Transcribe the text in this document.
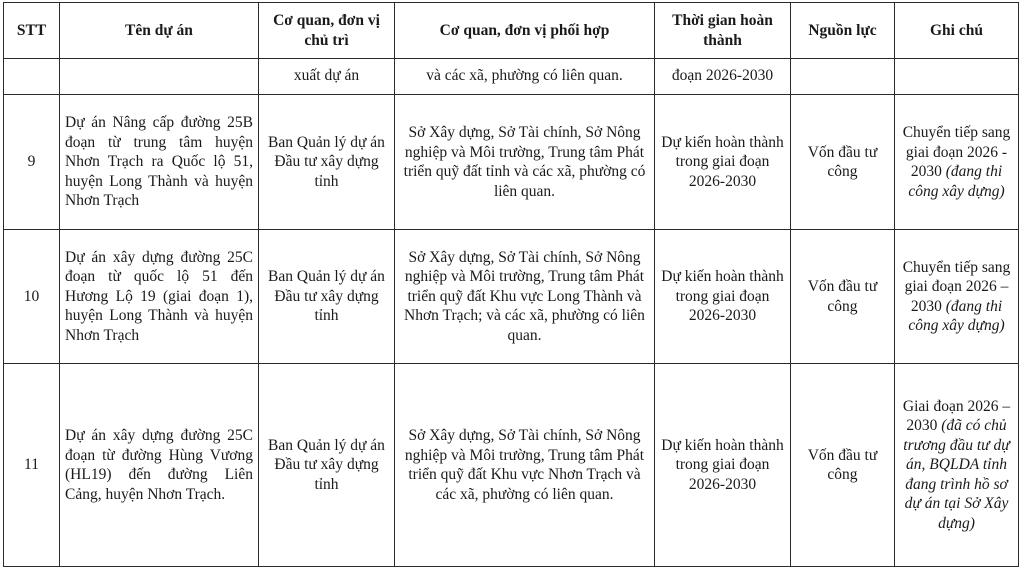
STT	Tên dự án	Cơ quan, đơn vị chủ trì	Cơ quan, đơn vị phối hợp	Thời gian hoàn thành	Nguồn lực	Ghi chú
		xuất dự án	và các xã, phường có liên quan.	đoạn 2026-2030		
9	Dự án Nâng cấp đường 25B đoạn từ trung tâm huyện Nhơn Trạch ra Quốc lộ 51, huyện Long Thành và huyện Nhơn Trạch	Ban Quản lý dự án Đầu tư xây dựng tỉnh	Sở Xây dựng, Sở Tài chính, Sở Nông nghiệp và Môi trường, Trung tâm Phát triển quỹ đất tỉnh và các xã, phường có liên quan.	Dự kiến hoàn thành trong giai đoạn 2026-2030	Vốn đầu tư công	Chuyển tiếp sang giai đoạn 2026 - 2030 (đang thi công xây dựng)
10	Dự án xây dựng đường 25C đoạn từ quốc lộ 51 đến Hương Lộ 19 (giai đoạn 1), huyện Long Thành và huyện Nhơn Trạch	Ban Quản lý dự án Đầu tư xây dựng tỉnh	Sở Xây dựng, Sở Tài chính, Sở Nông nghiệp và Môi trường, Trung tâm Phát triển quỹ đất Khu vực Long Thành và Nhơn Trạch; và các xã, phường có liên quan.	Dự kiến hoàn thành trong giai đoạn 2026-2030	Vốn đầu tư công	Chuyển tiếp sang giai đoạn 2026 – 2030 (đang thi công xây dựng)
11	Dự án xây dựng đường 25C đoạn từ đường Hùng Vương (HL19) đến đường Liên Cảng, huyện Nhơn Trạch.	Ban Quản lý dự án Đầu tư xây dựng tỉnh	Sở Xây dựng, Sở Tài chính, Sở Nông nghiệp và Môi trường, Trung tâm Phát triển quỹ đất Khu vực Nhơn Trạch và các xã, phường có liên quan.	Dự kiến hoàn thành trong giai đoạn 2026-2030	Vốn đầu tư công	Giai đoạn 2026 – 2030 (đã có chủ trương đầu tư dự án, BQLDA tỉnh đang trình hồ sơ dự án tại Sở Xây dựng)
